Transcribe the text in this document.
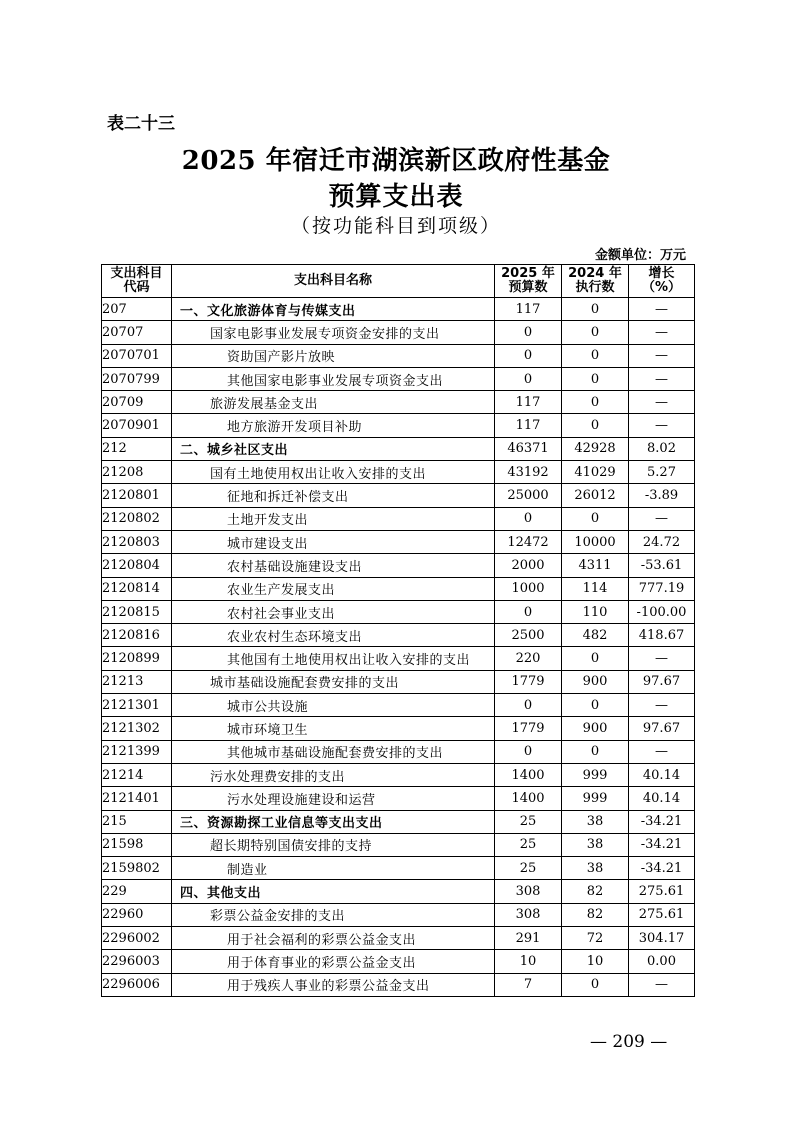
表二十三
2025 年宿迁市湖滨新区政府性基金
预算支出表
（按功能科目到项级）
金额单位：万元
支出科目代码	支出科目名称	2025 年预算数	2024 年执行数	增长（%）

207	一、文化旅游体育与传媒支出	117	0	—
20707	国家电影事业发展专项资金安排的支出	0	0	—
2070701	资助国产影片放映	0	0	—
2070799	其他国家电影事业发展专项资金支出	0	0	—
20709	旅游发展基金支出	117	0	—
2070901	地方旅游开发项目补助	117	0	—
212	二、城乡社区支出	46371	42928	8.02
21208	国有土地使用权出让收入安排的支出	43192	41029	5.27
2120801	征地和拆迁补偿支出	25000	26012	-3.89
2120802	土地开发支出	0	0	—
2120803	城市建设支出	12472	10000	24.72
2120804	农村基础设施建设支出	2000	4311	-53.61
2120814	农业生产发展支出	1000	114	777.19
2120815	农村社会事业支出	0	110	-100.00
2120816	农业农村生态环境支出	2500	482	418.67
2120899	其他国有土地使用权出让收入安排的支出	220	0	—
21213	城市基础设施配套费安排的支出	1779	900	97.67
2121301	城市公共设施	0	0	—
2121302	城市环境卫生	1779	900	97.67
2121399	其他城市基础设施配套费安排的支出	0	0	—
21214	污水处理费安排的支出	1400	999	40.14
2121401	污水处理设施建设和运营	1400	999	40.14
215	三、资源勘探工业信息等支出支出	25	38	-34.21
21598	超长期特别国债安排的支持	25	38	-34.21
2159802	制造业	25	38	-34.21
229	四、其他支出	308	82	275.61
22960	彩票公益金安排的支出	308	82	275.61
2296002	用于社会福利的彩票公益金支出	291	72	304.17
2296003	用于体育事业的彩票公益金支出	10	10	0.00
2296006	用于残疾人事业的彩票公益金支出	7	0	—
— 209 —
